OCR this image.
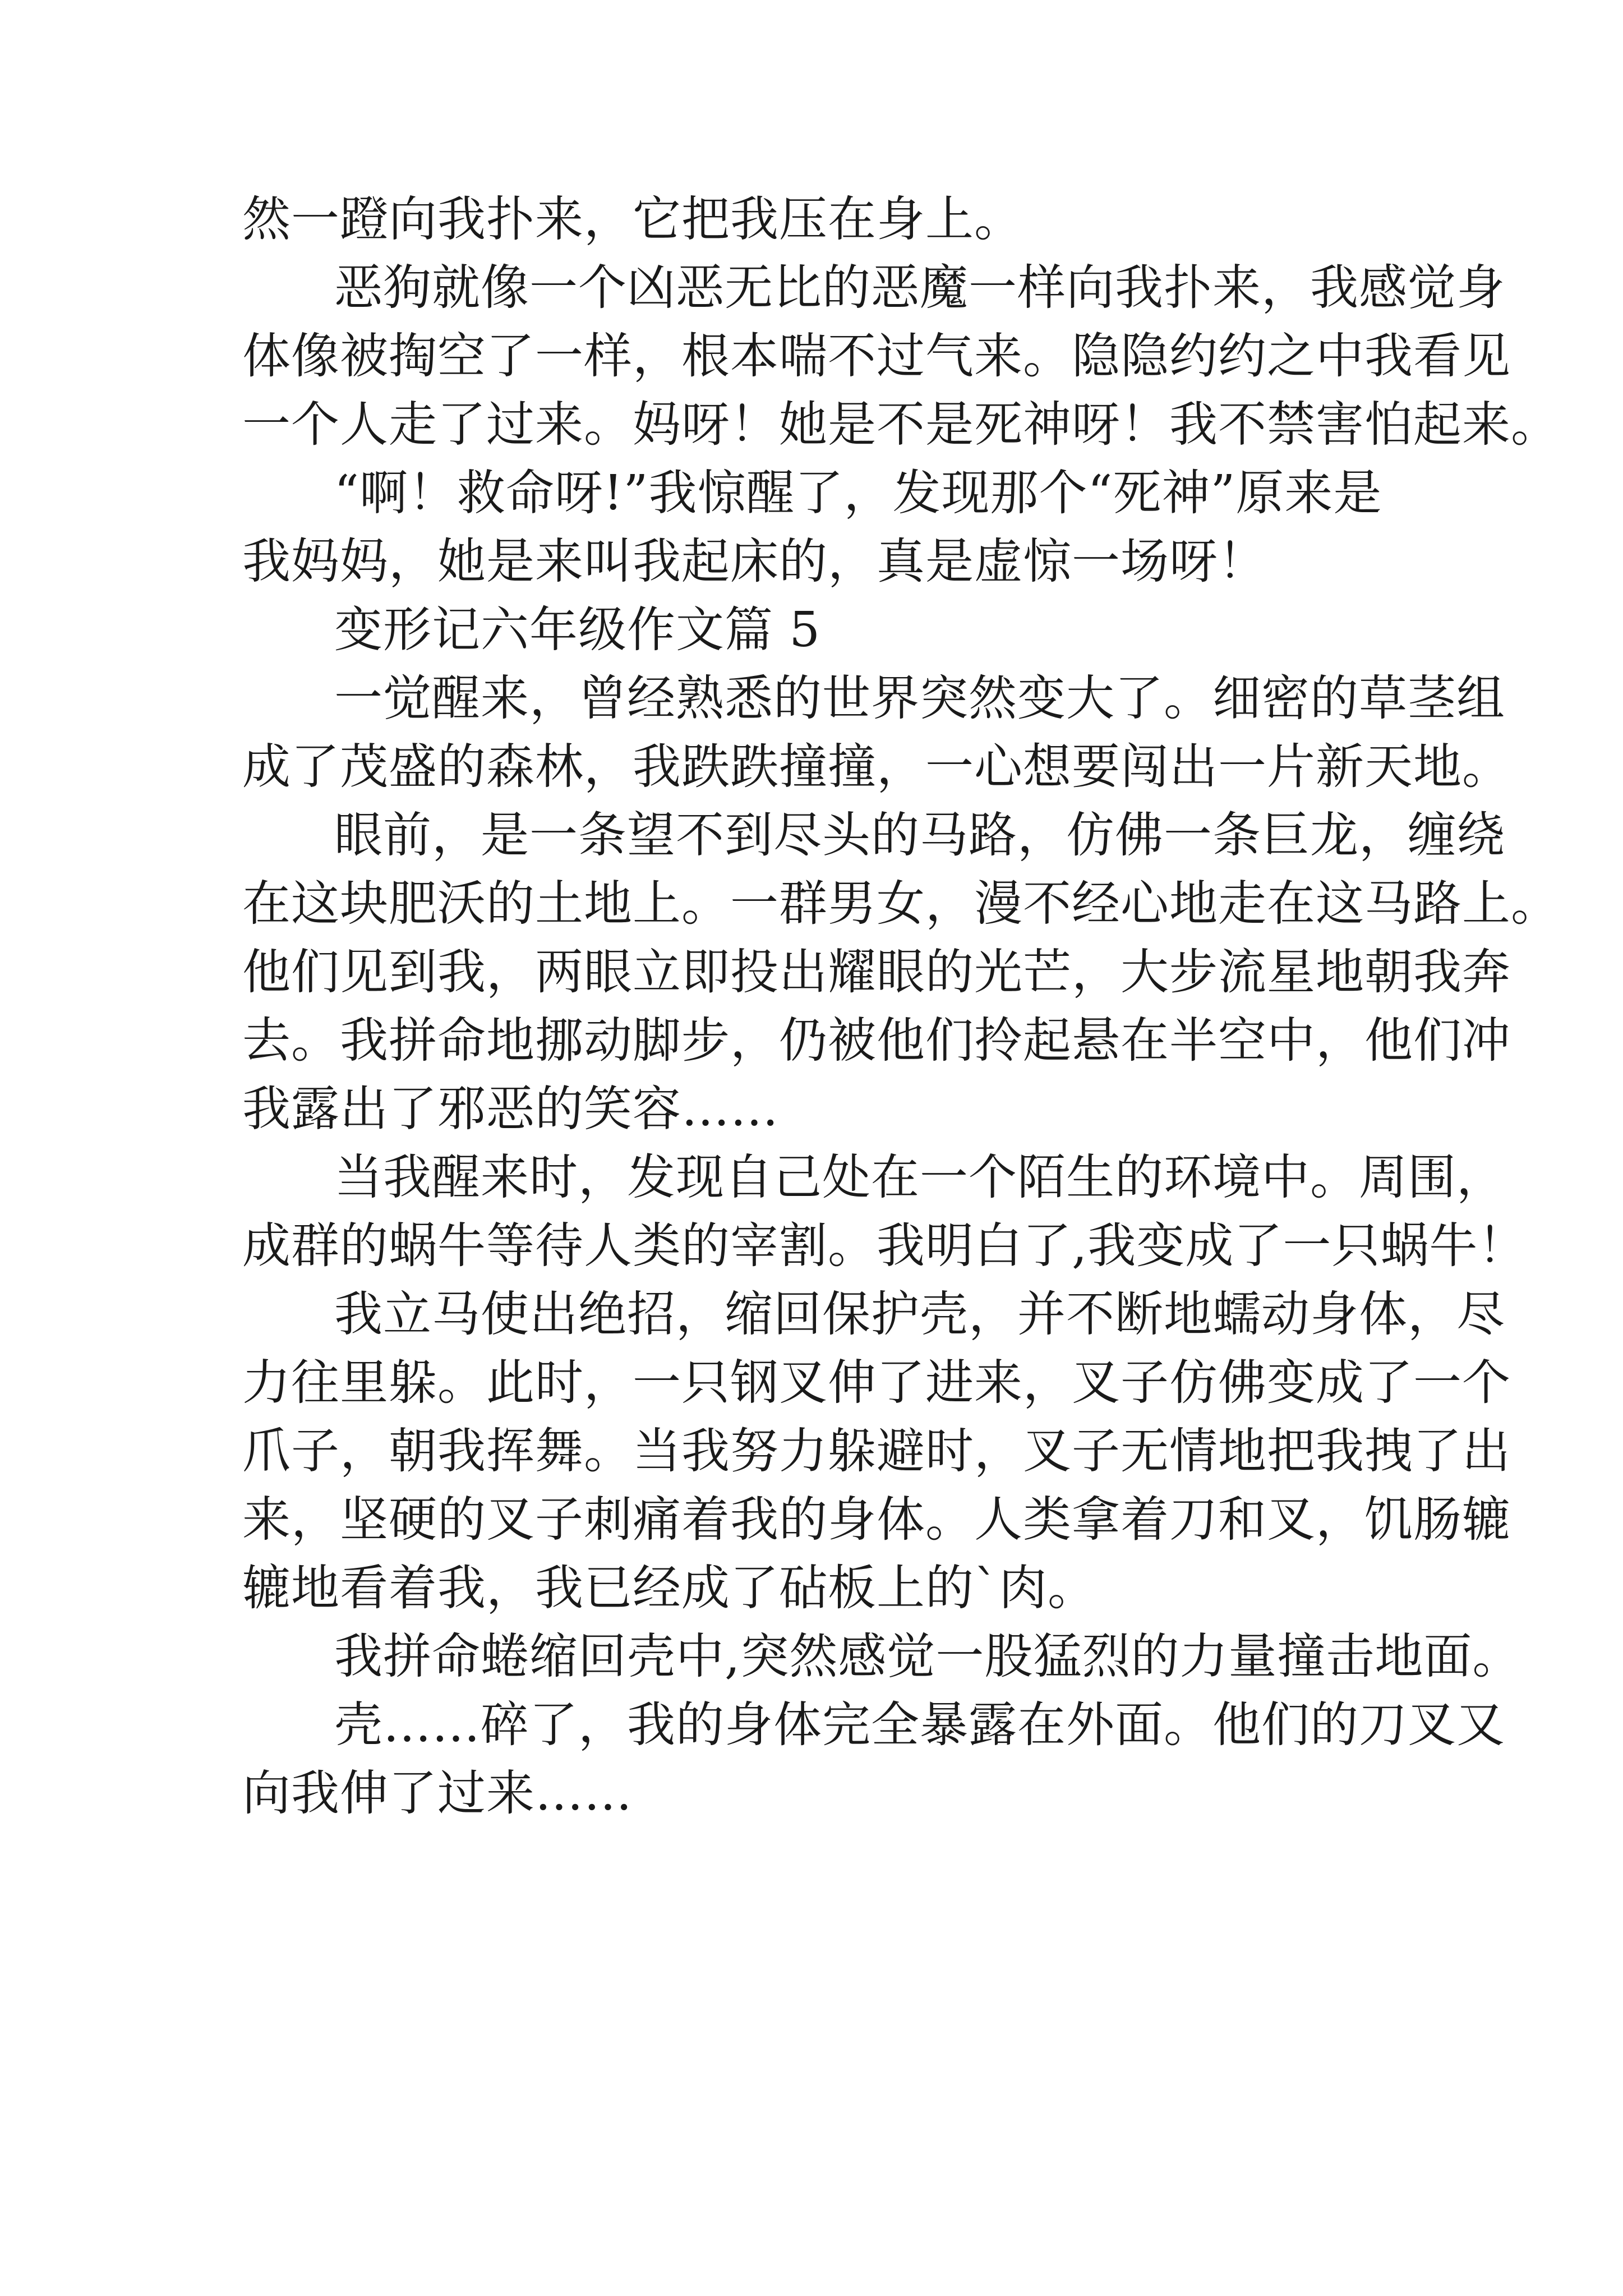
然一蹬向我扑来，它把我压在身上。
恶狗就像一个凶恶无比的恶魔一样向我扑来，我感觉身
体像被掏空了一样，根本喘不过气来。隐隐约约之中我看见
一个人走了过来。妈呀！她是不是死神呀！我不禁害怕起来。
“啊！救命呀!”我惊醒了，发现那个“死神”原来是
我妈妈，她是来叫我起床的，真是虚惊一场呀！
变形记六年级作文篇 5
一觉醒来，曾经熟悉的世界突然变大了。细密的草茎组
成了茂盛的森林，我跌跌撞撞，一心想要闯出一片新天地。
眼前，是一条望不到尽头的马路，仿佛一条巨龙，缠绕
在这块肥沃的土地上。一群男女，漫不经心地走在这马路上。
他们见到我，两眼立即投出耀眼的光芒，大步流星地朝我奔
去。我拼命地挪动脚步，仍被他们拎起悬在半空中，他们冲
我露出了邪恶的笑容……
当我醒来时，发现自己处在一个陌生的环境中。周围，
成群的蜗牛等待人类的宰割。我明白了,我变成了一只蜗牛！
我立马使出绝招，缩回保护壳，并不断地蠕动身体，尽
力往里躲。此时，一只钢叉伸了进来，叉子仿佛变成了一个
爪子，朝我挥舞。当我努力躲避时，叉子无情地把我拽了出
来，坚硬的叉子刺痛着我的身体。人类拿着刀和叉，饥肠辘
辘地看着我，我已经成了砧板上的`肉。
我拼命蜷缩回壳中,突然感觉一股猛烈的力量撞击地面。
壳……碎了，我的身体完全暴露在外面。他们的刀叉又
向我伸了过来……
